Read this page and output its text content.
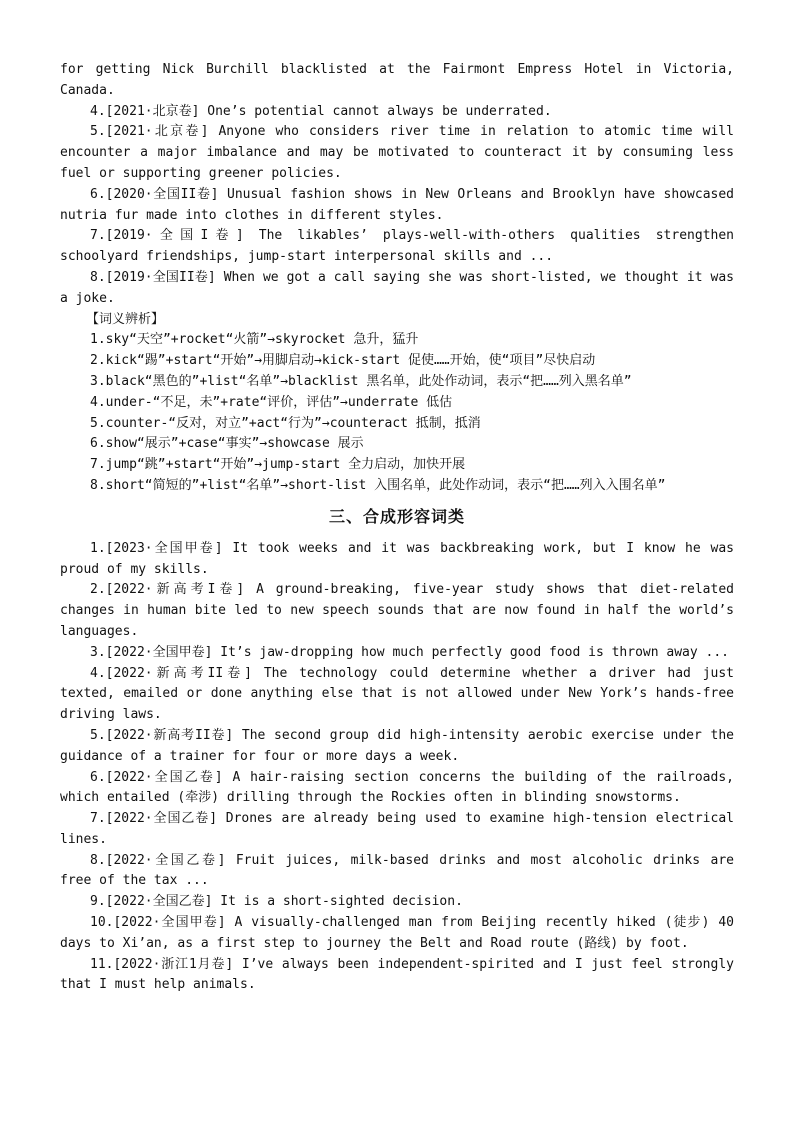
for getting Nick Burchill blacklisted at the Fairmont Empress Hotel in Victoria, Canada.
4.[2021·北京卷] One’s potential cannot always be underrated.
5.[2021·北京卷] Anyone who considers river time in relation to atomic time will encounter a major imbalance and may be motivated to counteract it by consuming less fuel or supporting greener policies.
6.[2020·全国II卷] Unusual fashion shows in New Orleans and Brooklyn have showcased nutria fur made into clothes in different styles.
7.[2019·全国I卷] The likables’ plays-well-with-others qualities strengthen schoolyard friendships, jump-start interpersonal skills and ...
8.[2019·全国II卷] When we got a call saying she was short-listed, we thought it was a joke.
【词义辨析】
1.sky“天空”+rocket“火箭”→skyrocket 急升，猛升
2.kick“踢”+start“开始”→用脚启动→kick-start 促使……开始，使“项目”尽快启动
3.black“黑色的”+list“名单”→blacklist 黑名单，此处作动词，表示“把……列入黑名单”
4.under-“不足，未”+rate“评价，评估”→underrate 低估
5.counter-“反对，对立”+act“行为”→counteract 抵制，抵消
6.show“展示”+case“事实”→showcase 展示
7.jump“跳”+start“开始”→jump-start 全力启动，加快开展
8.short“简短的”+list“名单”→short-list 入围名单，此处作动词，表示“把……列入入围名单”
三、合成形容词类
1.[2023·全国甲卷] It took weeks and it was backbreaking work, but I know he was proud of my skills.
2.[2022·新高考I卷] A ground-breaking, five-year study shows that diet-related changes in human bite led to new speech sounds that are now found in half the world’s languages.
3.[2022·全国甲卷] It’s jaw-dropping how much perfectly good food is thrown away ...
4.[2022·新高考II卷] The technology could determine whether a driver had just texted, emailed or done anything else that is not allowed under New York’s hands-free driving laws.
5.[2022·新高考II卷] The second group did high-intensity aerobic exercise under the guidance of a trainer for four or more days a week.
6.[2022·全国乙卷] A hair-raising section concerns the building of the railroads, which entailed (牵涉) drilling through the Rockies often in blinding snowstorms.
7.[2022·全国乙卷] Drones are already being used to examine high-tension electrical lines.
8.[2022·全国乙卷] Fruit juices, milk-based drinks and most alcoholic drinks are free of the tax ...
9.[2022·全国乙卷] It is a short-sighted decision.
10.[2022·全国甲卷] A visually-challenged man from Beijing recently hiked (徒步) 40 days to Xi’an, as a first step to journey the Belt and Road route (路线) by foot.
11.[2022·浙江1月卷] I’ve always been independent-spirited and I just feel strongly that I must help animals.
